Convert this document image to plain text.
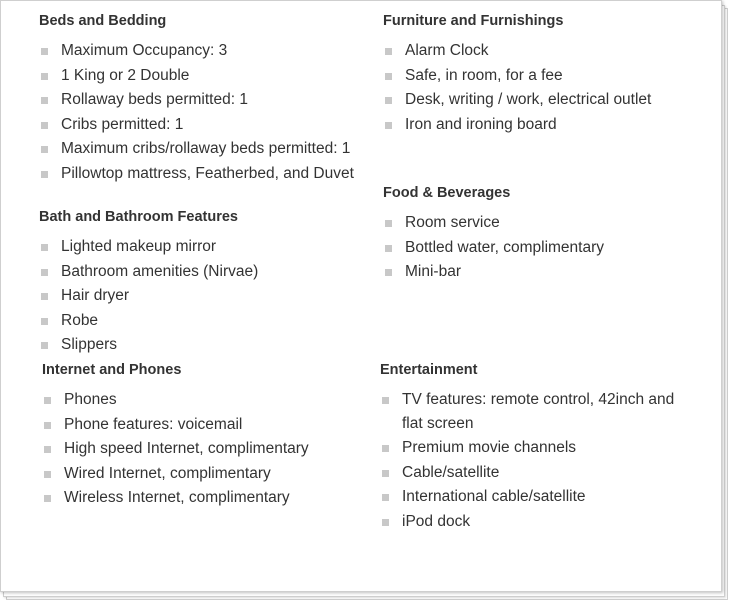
Beds and Bedding
Maximum Occupancy: 3
1 King or 2 Double
Rollaway beds permitted: 1
Cribs permitted: 1
Maximum cribs/rollaway beds permitted: 1
Pillowtop mattress, Featherbed, and Duvet
Bath and Bathroom Features
Lighted makeup mirror
Bathroom amenities (Nirvae)
Hair dryer
Robe
Slippers
Internet and Phones
Phones
Phone features: voicemail
High speed Internet, complimentary
Wired Internet, complimentary
Wireless Internet, complimentary
Furniture and Furnishings
Alarm Clock
Safe, in room, for a fee
Desk, writing / work, electrical outlet
Iron and ironing board
Food & Beverages
Room service
Bottled water, complimentary
Mini-bar
Entertainment
TV features: remote control, 42inch and flat screen
Premium movie channels
Cable/satellite
International cable/satellite
iPod dock
